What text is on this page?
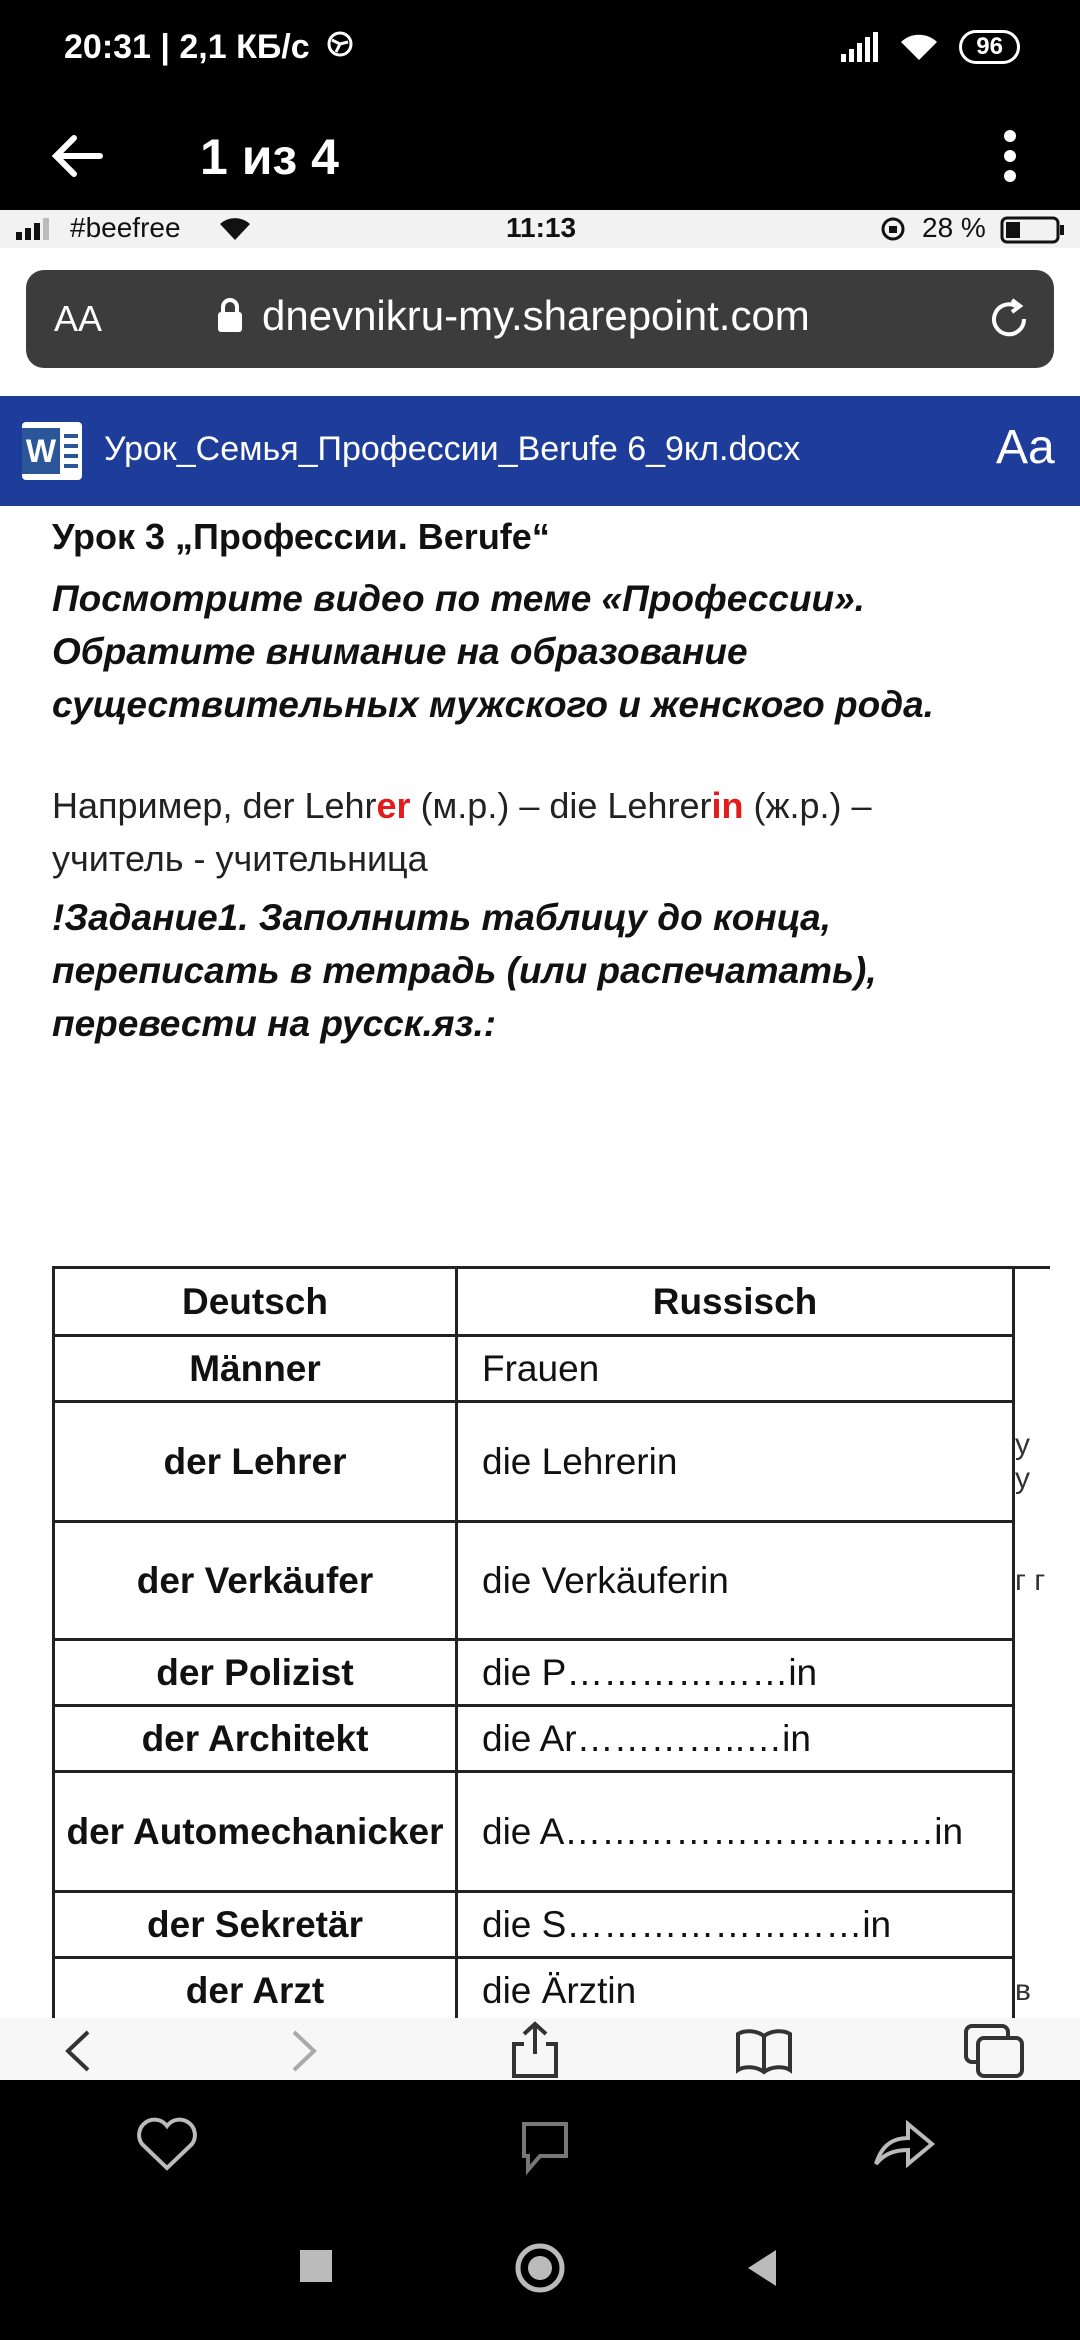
20:31 | 2,1 КБ/с	96
1 из 4
#beefree	11:13	28 %
AA	dnevnikru-my.sharepoint.com
W Урок_Семья_Профессии_Berufe 6_9кл.docx	Aa
Урок 3 „Профессии. Berufe“
Посмотрите видео по теме «Профессии».
Обратите внимание на образование
существительных мужского и женского рода.
Например, der Lehrer (м.р.) – die Lehrerin (ж.р.) –
учитель - учительница
!Задание1. Заполнить таблицу до конца,
переписать в тетрадь (или распечатать),
перевести на русск.яз.:
Deutsch	Russisch	
Männer	Frauen	
der Lehrer	die Lehrerin	у у
der Verkäufer	die Verkäuferin	г г
der Polizist	die P………………in	
der Architekt	die Ar…………..…in	
der Automechanicker	die A…………………………in	
der Sekretär	die S……………………in	
der Arzt	die Ärztin	в
